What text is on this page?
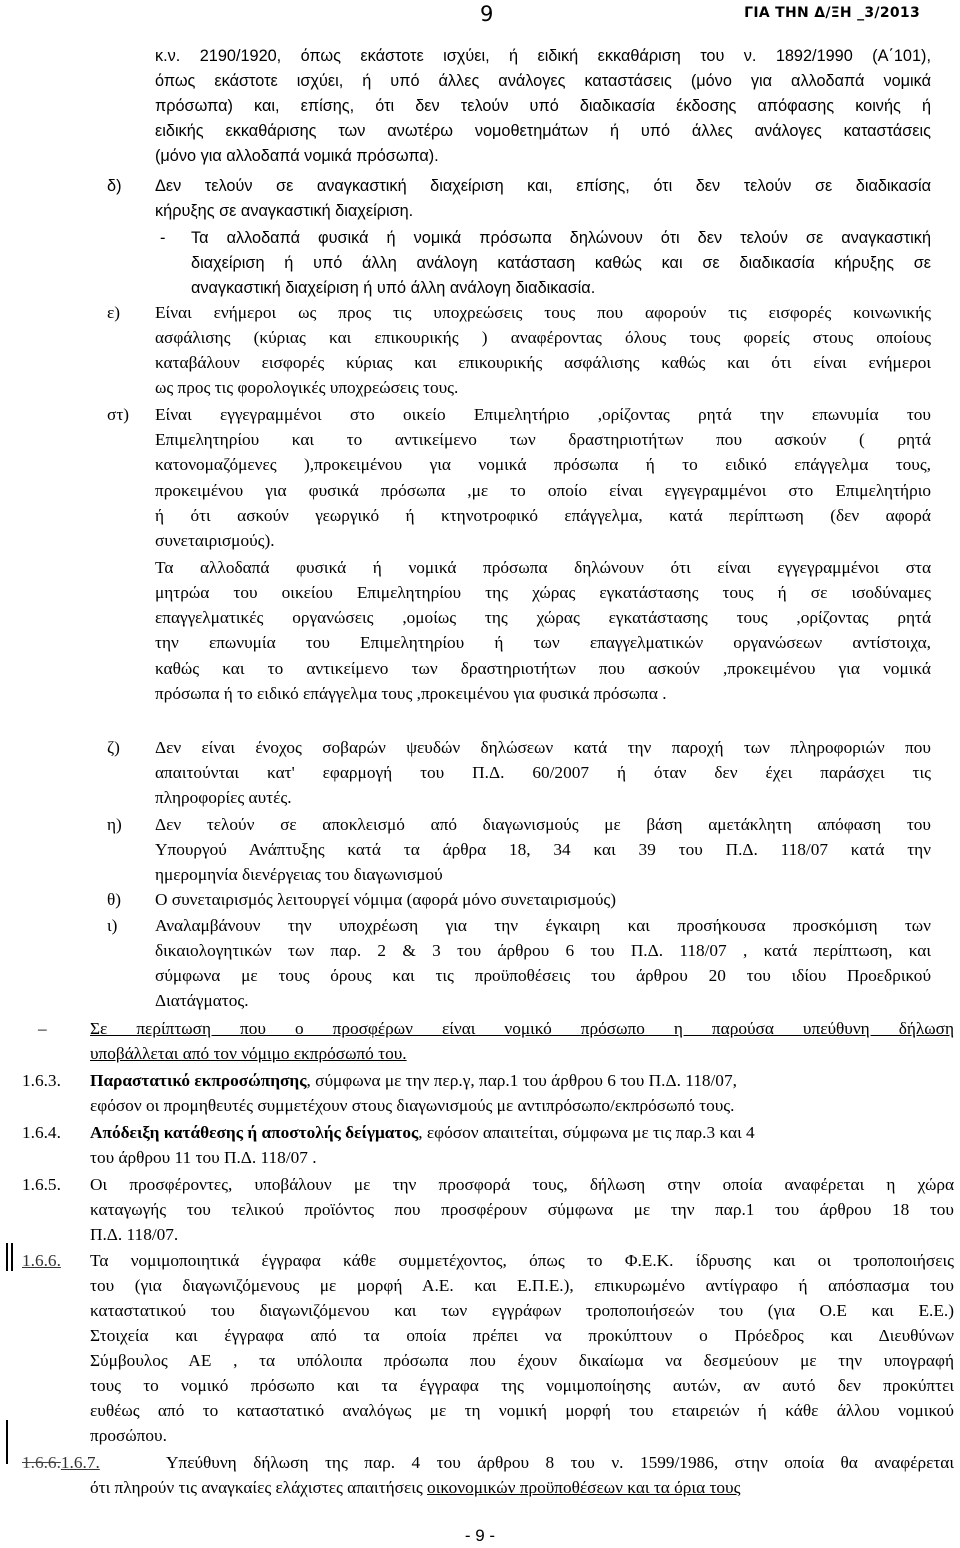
9	ΓΙΑ ΤΗΝ Δ/ΞΗ _3/2013
κ.ν. 2190/1920, όπως εκάστοτε ισχύει, ή ειδική εκκαθάριση του ν. 1892/1990 (Α΄101),
όπως εκάστοτε ισχύει, ή υπό άλλες ανάλογες καταστάσεις (μόνο για αλλοδαπά νομικά
πρόσωπα) και, επίσης, ότι δεν τελούν υπό διαδικασία έκδοσης απόφασης κοινής ή
ειδικής εκκαθάρισης των ανωτέρω νομοθετημάτων ή υπό άλλες ανάλογες καταστάσεις
(μόνο για αλλοδαπά νομικά πρόσωπα).
δ) Δεν τελούν σε αναγκαστική διαχείριση και, επίσης, ότι δεν τελούν σε διαδικασία
κήρυξης σε αναγκαστική διαχείριση.
- Τα αλλοδαπά φυσικά ή νομικά πρόσωπα δηλώνουν ότι δεν τελούν σε αναγκαστική
διαχείριση ή υπό άλλη ανάλογη κατάσταση καθώς και σε διαδικασία κήρυξης σε
αναγκαστική διαχείριση ή υπό άλλη ανάλογη διαδικασία.
ε) Είναι ενήμεροι ως προς τις υποχρεώσεις τους που αφορούν τις εισφορές κοινωνικής
ασφάλισης (κύριας και επικουρικής ) αναφέροντας όλους τους φορείς στους οποίους
καταβάλουν εισφορές κύριας και επικουρικής ασφάλισης καθώς και ότι είναι ενήμεροι
ως προς τις φορολογικές υποχρεώσεις τους.
στ) Είναι εγγεγραμμένοι στο οικείο Επιμελητήριο ,ορίζοντας ρητά την επωνυμία του
Επιμελητηρίου και το αντικείμενο των δραστηριοτήτων που ασκούν ( ρητά
κατονομαζόμενες ),προκειμένου για νομικά πρόσωπα ή το ειδικό επάγγελμα τους,
προκειμένου για φυσικά πρόσωπα ,με το οποίο είναι εγγεγραμμένοι στο Επιμελητήριο
ή ότι ασκούν γεωργικό ή κτηνοτροφικό επάγγελμα, κατά περίπτωση (δεν αφορά
συνεταιρισμούς).
Τα αλλοδαπά φυσικά ή νομικά πρόσωπα δηλώνουν ότι είναι εγγεγραμμένοι στα
μητρώα του οικείου Επιμελητηρίου της χώρας εγκατάστασης τους ή σε ισοδύναμες
επαγγελματικές οργανώσεις ,ομοίως της χώρας εγκατάστασης τους ,ορίζοντας ρητά
την επωνυμία του Επιμελητηρίου ή των επαγγελματικών οργανώσεων αντίστοιχα,
καθώς και το αντικείμενο των δραστηριοτήτων που ασκούν ,προκειμένου για νομικά
πρόσωπα ή το ειδικό επάγγελμα τους ,προκειμένου για φυσικά πρόσωπα .
ζ) Δεν είναι ένοχος σοβαρών ψευδών δηλώσεων κατά την παροχή των πληροφοριών που
απαιτούνται κατ' εφαρμογή του Π.Δ. 60/2007 ή όταν δεν έχει παράσχει τις
πληροφορίες αυτές.
η) Δεν τελούν σε αποκλεισμό από διαγωνισμούς με βάση αμετάκλητη απόφαση του
Υπουργού Ανάπτυξης κατά τα άρθρα 18, 34 και 39 του Π.Δ. 118/07 κατά την
ημερομηνία διενέργειας του διαγωνισμού
θ) Ο συνεταιρισμός λειτουργεί νόμιμα (αφορά μόνο συνεταιρισμούς)
ι) Αναλαμβάνουν την υποχρέωση για την έγκαιρη και προσήκουσα προσκόμιση των
δικαιολογητικών των παρ. 2 & 3 του άρθρου 6 του Π.Δ. 118/07 , κατά περίπτωση, και
σύμφωνα με τους όρους και τις προϋποθέσεις του άρθρου 20 του ιδίου Προεδρικού
Διατάγματος.
–	Σε περίπτωση που ο προσφέρων είναι νομικό πρόσωπο η παρούσα υπεύθυνη δήλωση
υποβάλλεται από τον νόμιμο εκπρόσωπό του.
1.6.3. Παραστατικό εκπροσώπησης, σύμφωνα με την περ.γ, παρ.1 του άρθρου 6 του Π.Δ. 118/07,
εφόσον οι προμηθευτές συμμετέχουν στους διαγωνισμούς με αντιπρόσωπο/εκπρόσωπό τους.
1.6.4. Απόδειξη κατάθεσης ή αποστολής δείγματος, εφόσον απαιτείται, σύμφωνα με τις παρ.3 και 4
του άρθρου 11 του Π.Δ. 118/07 .
1.6.5. Οι προσφέροντες, υποβάλουν με την προσφορά τους, δήλωση στην οποία αναφέρεται η χώρα
καταγωγής του τελικού προϊόντος που προσφέρουν σύμφωνα με την παρ.1 του άρθρου 18 του
Π.Δ. 118/07.
1.6.6. Τα νομιμοποιητικά έγγραφα κάθε συμμετέχοντος, όπως το Φ.Ε.Κ. ίδρυσης και οι τροποποιήσεις
του (για διαγωνιζόμενους με μορφή Α.Ε. και Ε.Π.Ε.), επικυρωμένο αντίγραφο ή απόσπασμα του
καταστατικού του διαγωνιζόμενου και των εγγράφων τροποποιήσεών του (για Ο.Ε και Ε.Ε.)
Στοιχεία και έγγραφα από τα οποία πρέπει να προκύπτουν ο Πρόεδρος και Διευθύνων
Σύμβουλος ΑΕ , τα υπόλοιπα πρόσωπα που έχουν δικαίωμα να δεσμεύουν με την υπογραφή
τους το νομικό πρόσωπο και τα έγγραφα της νομιμοποίησης αυτών, αν αυτό δεν προκύπτει
ευθέως από το καταστατικό αναλόγως με τη νομική μορφή του εταιρειών ή κάθε άλλου νομικού
προσώπου.
1.6.6.1.6.7.	Υπεύθυνη δήλωση της παρ. 4 του άρθρου 8 του ν. 1599/1986, στην οποία θα αναφέρεται
ότι πληρούν τις αναγκαίες ελάχιστες απαιτήσεις οικονομικών προϋποθέσεων και τα όρια τους
- 9 -
